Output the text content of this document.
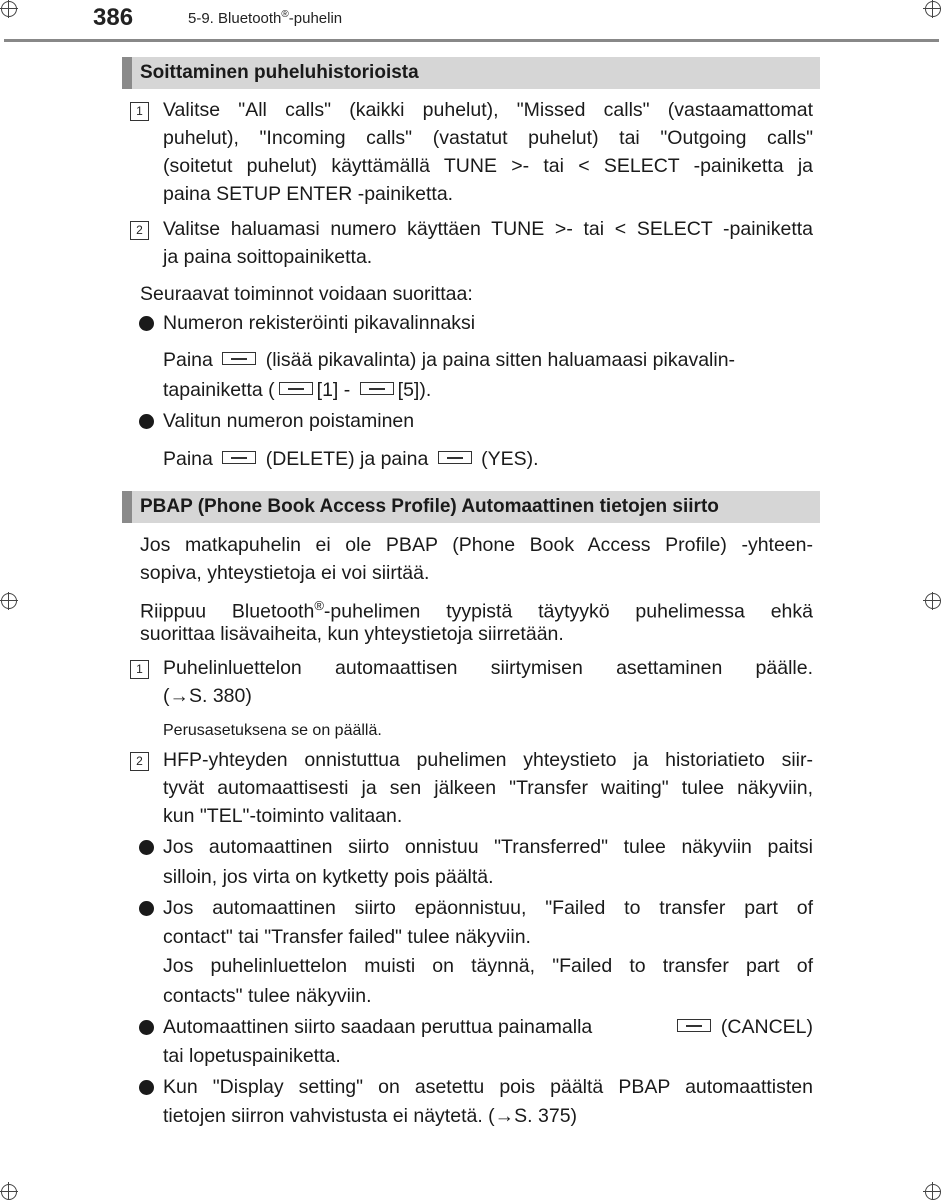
386	5-9. Bluetooth®-puhelin
Soittaminen puheluhistorioista
1	Valitse "All calls" (kaikki puhelut), "Missed calls" (vastaamattomat
puhelut), "Incoming calls" (vastatut puhelut) tai "Outgoing calls"
(soitetut puhelut) käyttämällä TUNE >- tai < SELECT -painiketta ja
paina SETUP ENTER -painiketta.
2	Valitse haluamasi numero käyttäen TUNE >- tai < SELECT -painiketta
ja paina soittopainiketta.
Seuraavat toiminnot voidaan suorittaa:
Numeron rekisteröinti pikavalinnaksi
Paina	(lisää pikavalinta) ja paina sitten haluamaasi pikavalin-
tapainiketta ( [1] - [5]).
Valitun numeron poistaminen
Paina	(DELETE) ja paina	(YES).
PBAP (Phone Book Access Profile) Automaattinen tietojen siirto
Jos matkapuhelin ei ole PBAP (Phone Book Access Profile) -yhteen-
sopiva, yhteystietoja ei voi siirtää.
Riippuu Bluetooth®-puhelimen tyypistä täytyykö puhelimessa ehkä
suorittaa lisävaiheita, kun yhteystietoja siirretään.
1	Puhelinluettelon automaattisen siirtymisen asettaminen päälle.
(→S. 380)
Perusasetuksena se on päällä.
2	HFP-yhteyden onnistuttua puhelimen yhteystieto ja historiatieto siir-
tyvät automaattisesti ja sen jälkeen "Transfer waiting" tulee näkyviin,
kun "TEL"-toiminto valitaan.
Jos automaattinen siirto onnistuu "Transferred" tulee näkyviin paitsi
silloin, jos virta on kytketty pois päältä.
Jos automaattinen siirto epäonnistuu, "Failed to transfer part of
contact" tai "Transfer failed" tulee näkyviin.
Jos puhelinluettelon muisti on täynnä, "Failed to transfer part of
contacts" tulee näkyviin.
Automaattinen siirto saadaan peruttua painamalla	(CANCEL)
tai lopetuspainiketta.
Kun "Display setting" on asetettu pois päältä PBAP automaattisten
tietojen siirron vahvistusta ei näytetä. (→S. 375)
